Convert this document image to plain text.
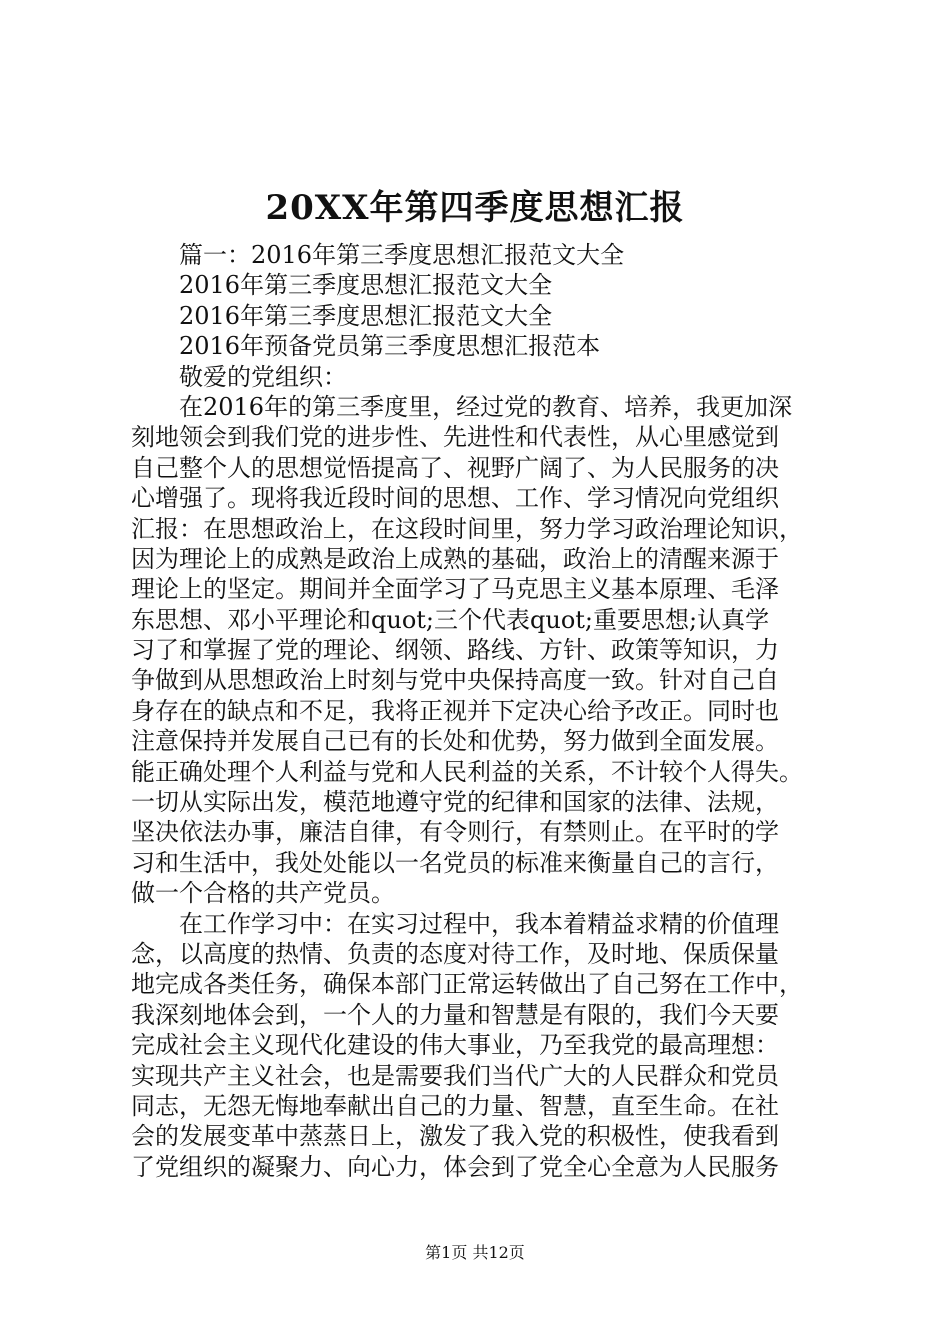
20XX年第四季度思想汇报
篇一：2016年第三季度思想汇报范文大全
2016年第三季度思想汇报范文大全
2016年第三季度思想汇报范文大全
2016年预备党员第三季度思想汇报范本
敬爱的党组织：
在2016年的第三季度里，经过党的教育、培养，我更加深
刻地领会到我们党的进步性、先进性和代表性，从心里感觉到
自己整个人的思想觉悟提高了、视野广阔了、为人民服务的决
心增强了。现将我近段时间的思想、工作、学习情况向党组织
汇报：在思想政治上，在这段时间里，努力学习政治理论知识，
因为理论上的成熟是政治上成熟的基础，政治上的清醒来源于
理论上的坚定。期间并全面学习了马克思主义基本原理、毛泽
东思想、邓小平理论和quot;三个代表quot;重要思想;认真学
习了和掌握了党的理论、纲领、路线、方针、政策等知识，力
争做到从思想政治上时刻与党中央保持高度一致。针对自己自
身存在的缺点和不足，我将正视并下定决心给予改正。同时也
注意保持并发展自己已有的长处和优势，努力做到全面发展。
能正确处理个人利益与党和人民利益的关系，不计较个人得失。
一切从实际出发，模范地遵守党的纪律和国家的法律、法规，
坚决依法办事，廉洁自律，有令则行，有禁则止。在平时的学
习和生活中，我处处能以一名党员的标准来衡量自己的言行，
做一个合格的共产党员。
在工作学习中：在实习过程中，我本着精益求精的价值理
念，以高度的热情、负责的态度对待工作，及时地、保质保量
地完成各类任务，确保本部门正常运转做出了自己努在工作中，
我深刻地体会到，一个人的力量和智慧是有限的，我们今天要
完成社会主义现代化建设的伟大事业，乃至我党的最高理想：
实现共产主义社会，也是需要我们当代广大的人民群众和党员
同志，无怨无悔地奉献出自己的力量、智慧，直至生命。在社
会的发展变革中蒸蒸日上，激发了我入党的积极性，使我看到
了党组织的凝聚力、向心力，体会到了党全心全意为人民服务
第1页 共12页
